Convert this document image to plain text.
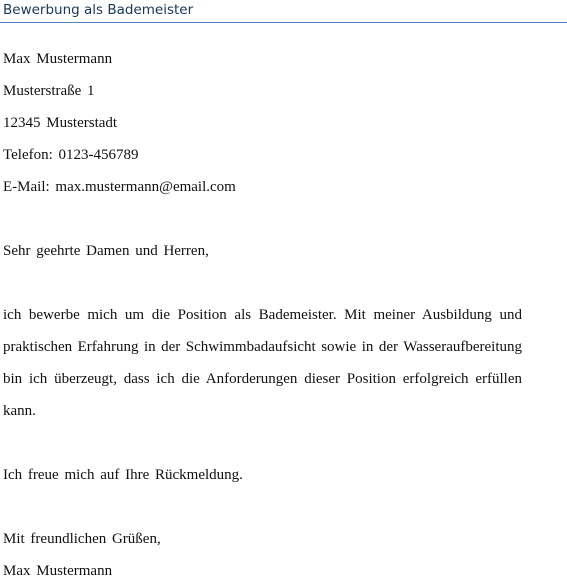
Bewerbung als Bademeister
Max Mustermann
Musterstraße 1
12345 Musterstadt
Telefon: 0123-456789
E-Mail: max.mustermann@email.com
Sehr geehrte Damen und Herren,
ich bewerbe mich um die Position als Bademeister. Mit meiner Ausbildung und
praktischen Erfahrung in der Schwimmbadaufsicht sowie in der Wasseraufbereitung
bin ich überzeugt, dass ich die Anforderungen dieser Position erfolgreich erfüllen
kann.
Ich freue mich auf Ihre Rückmeldung.
Mit freundlichen Grüßen,
Max Mustermann
